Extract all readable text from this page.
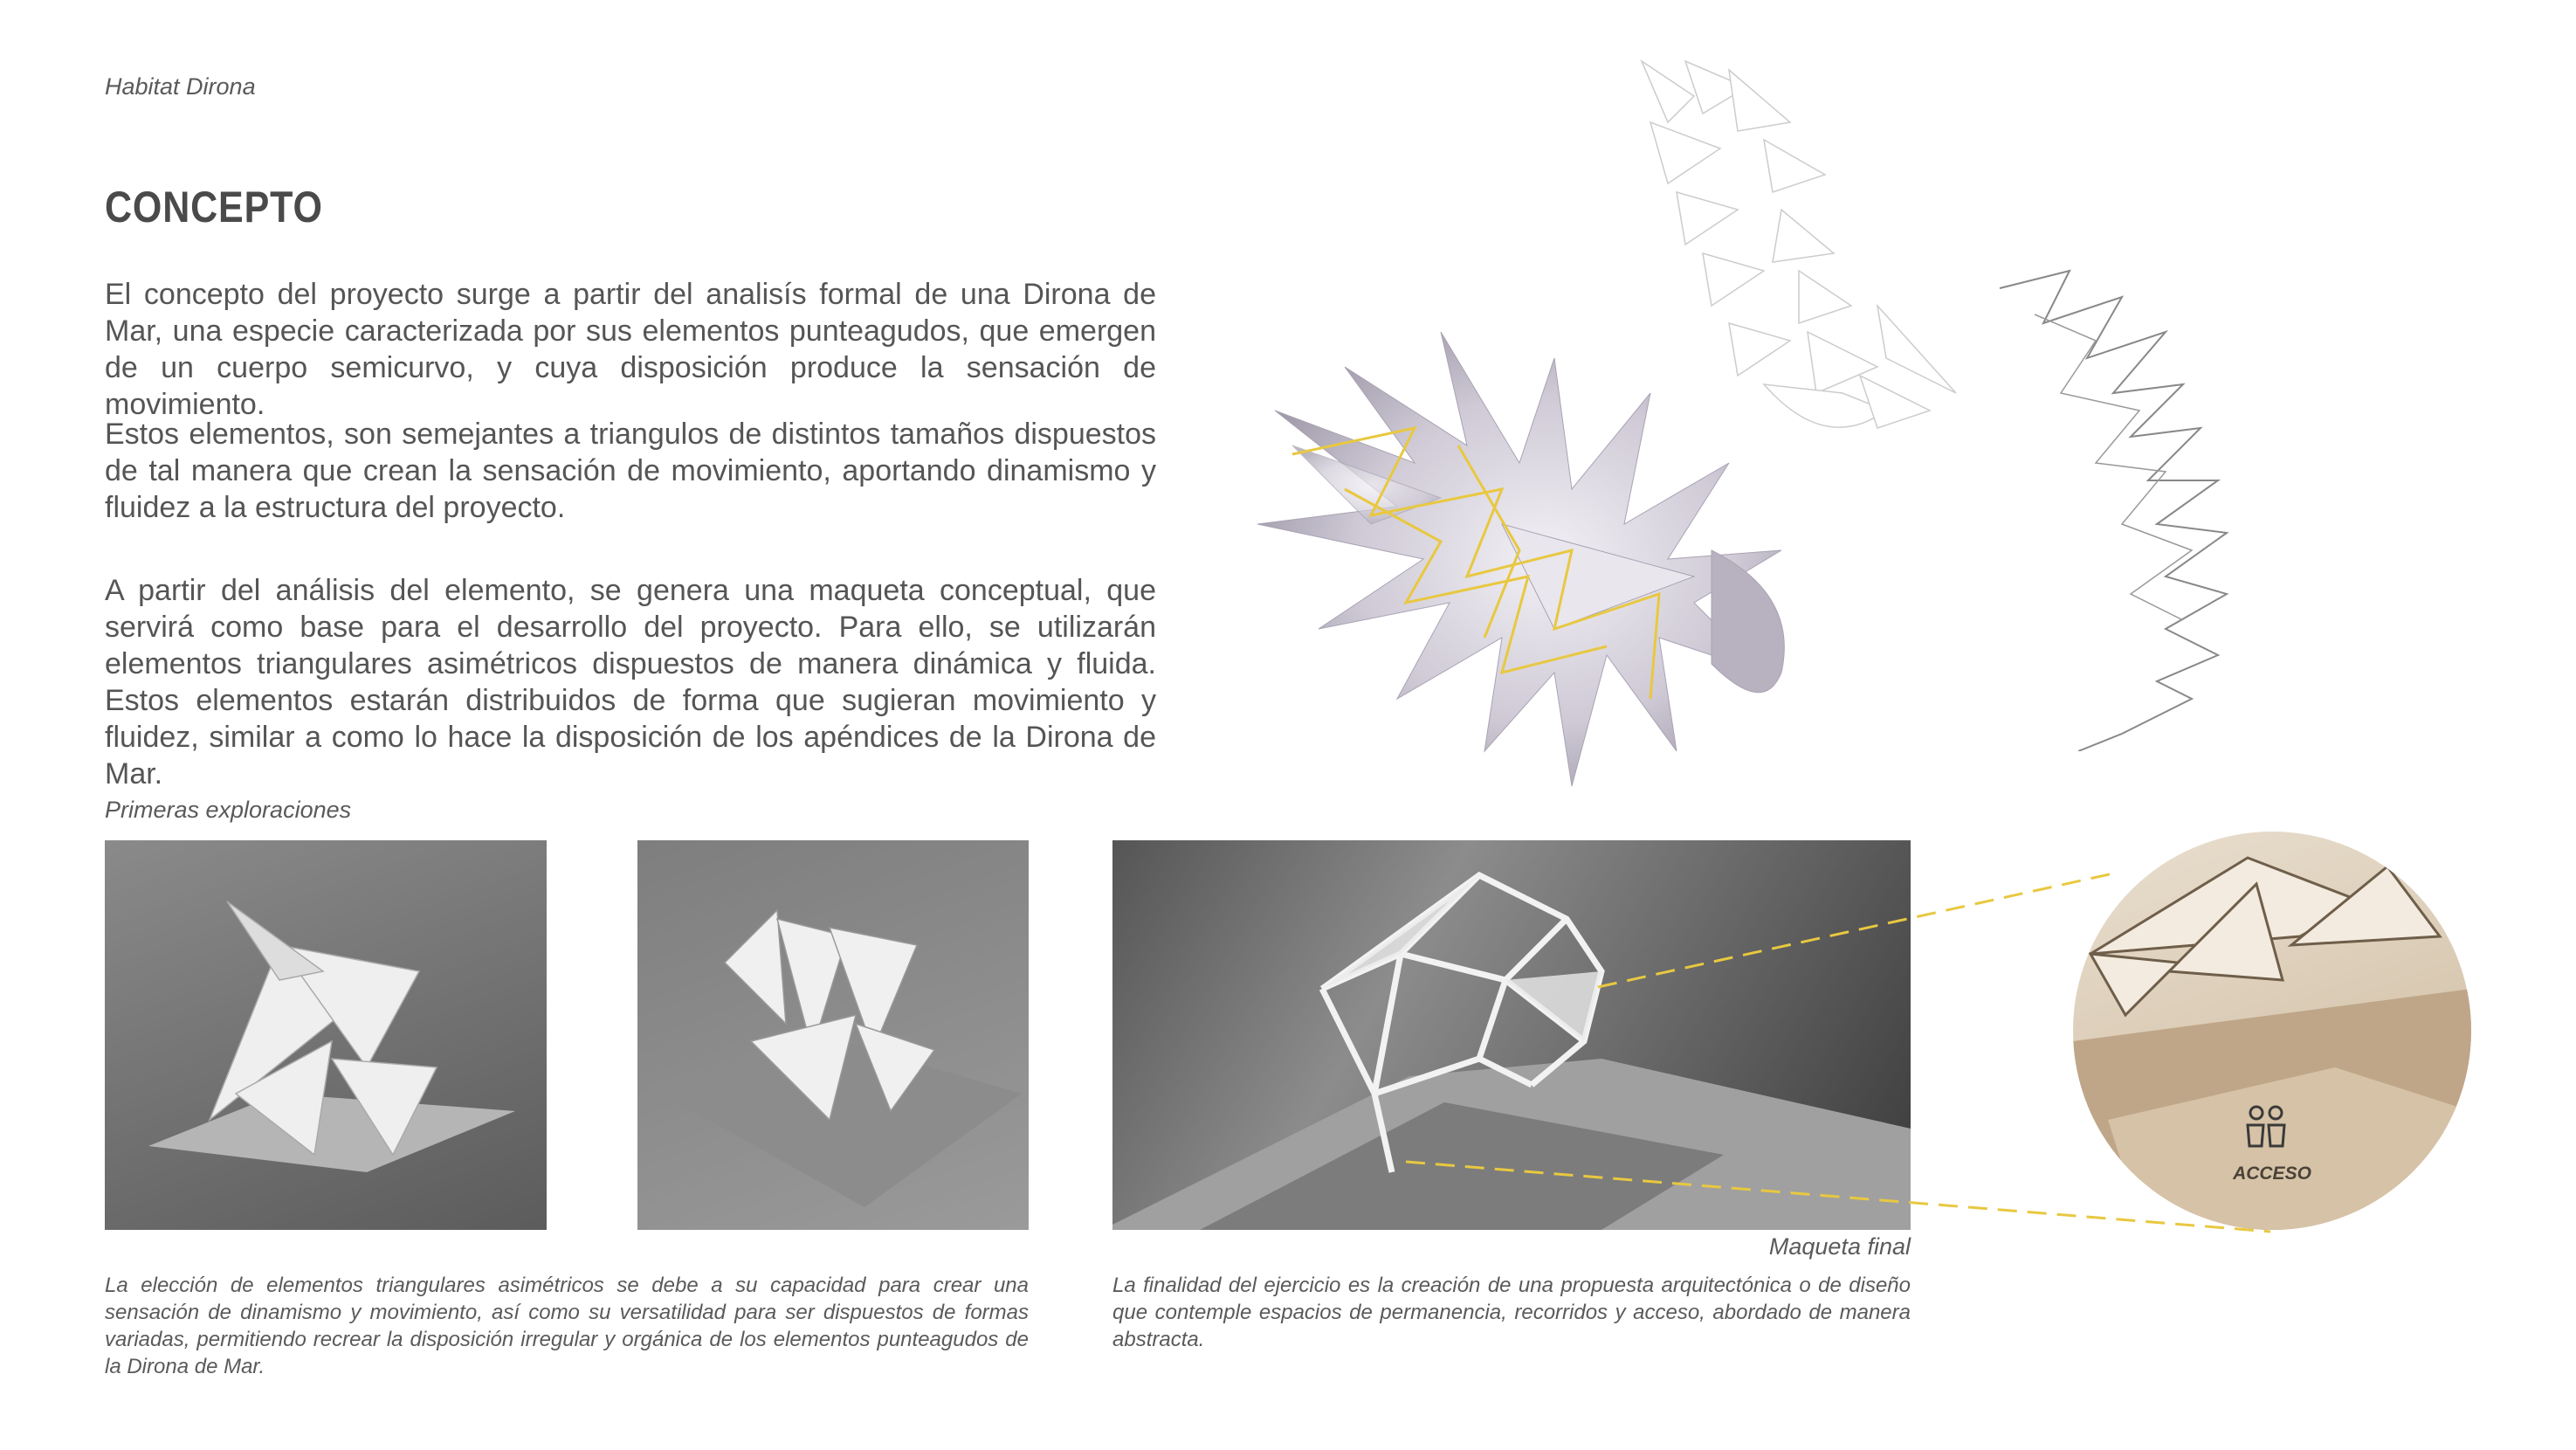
Habitat Dirona
CONCEPTO
El concepto del proyecto surge a partir del analisís formal de una Dirona de Mar, una especie caracterizada por sus elementos punteagudos, que emergen de un cuerpo semicurvo, y cuya disposición produce la sensación de movimiento.
Estos elementos, son semejantes a triangulos de distintos tamaños dispuestos de tal manera que crean la sensación de movimiento, aportando dinamismo y fluidez a la estructura del proyecto.
A partir del análisis del elemento, se genera una maqueta conceptual, que servirá como base para el desarrollo del proyecto. Para ello, se utilizarán elementos triangulares asimétricos dispuestos de manera dinámica y fluida. Estos elementos estarán distribuidos de forma que sugieran movimiento y fluidez, similar a como lo hace la disposición de los apéndices de la Dirona de Mar.
Primeras exploraciones
ACCESO
La elección de elementos triangulares asimétricos se debe a su capacidad para crear una sensación de dinamismo y movimiento, así como su versatilidad para ser dispuestos de formas variadas, permitiendo recrear la disposición irregular y orgánica de los elementos punteagudos de la Dirona de Mar.
Maqueta final
La finalidad del ejercicio es la creación de una propuesta arquitectónica o de diseño que contemple espacios de permanencia, recorridos y acceso, abordado de manera abstracta.
